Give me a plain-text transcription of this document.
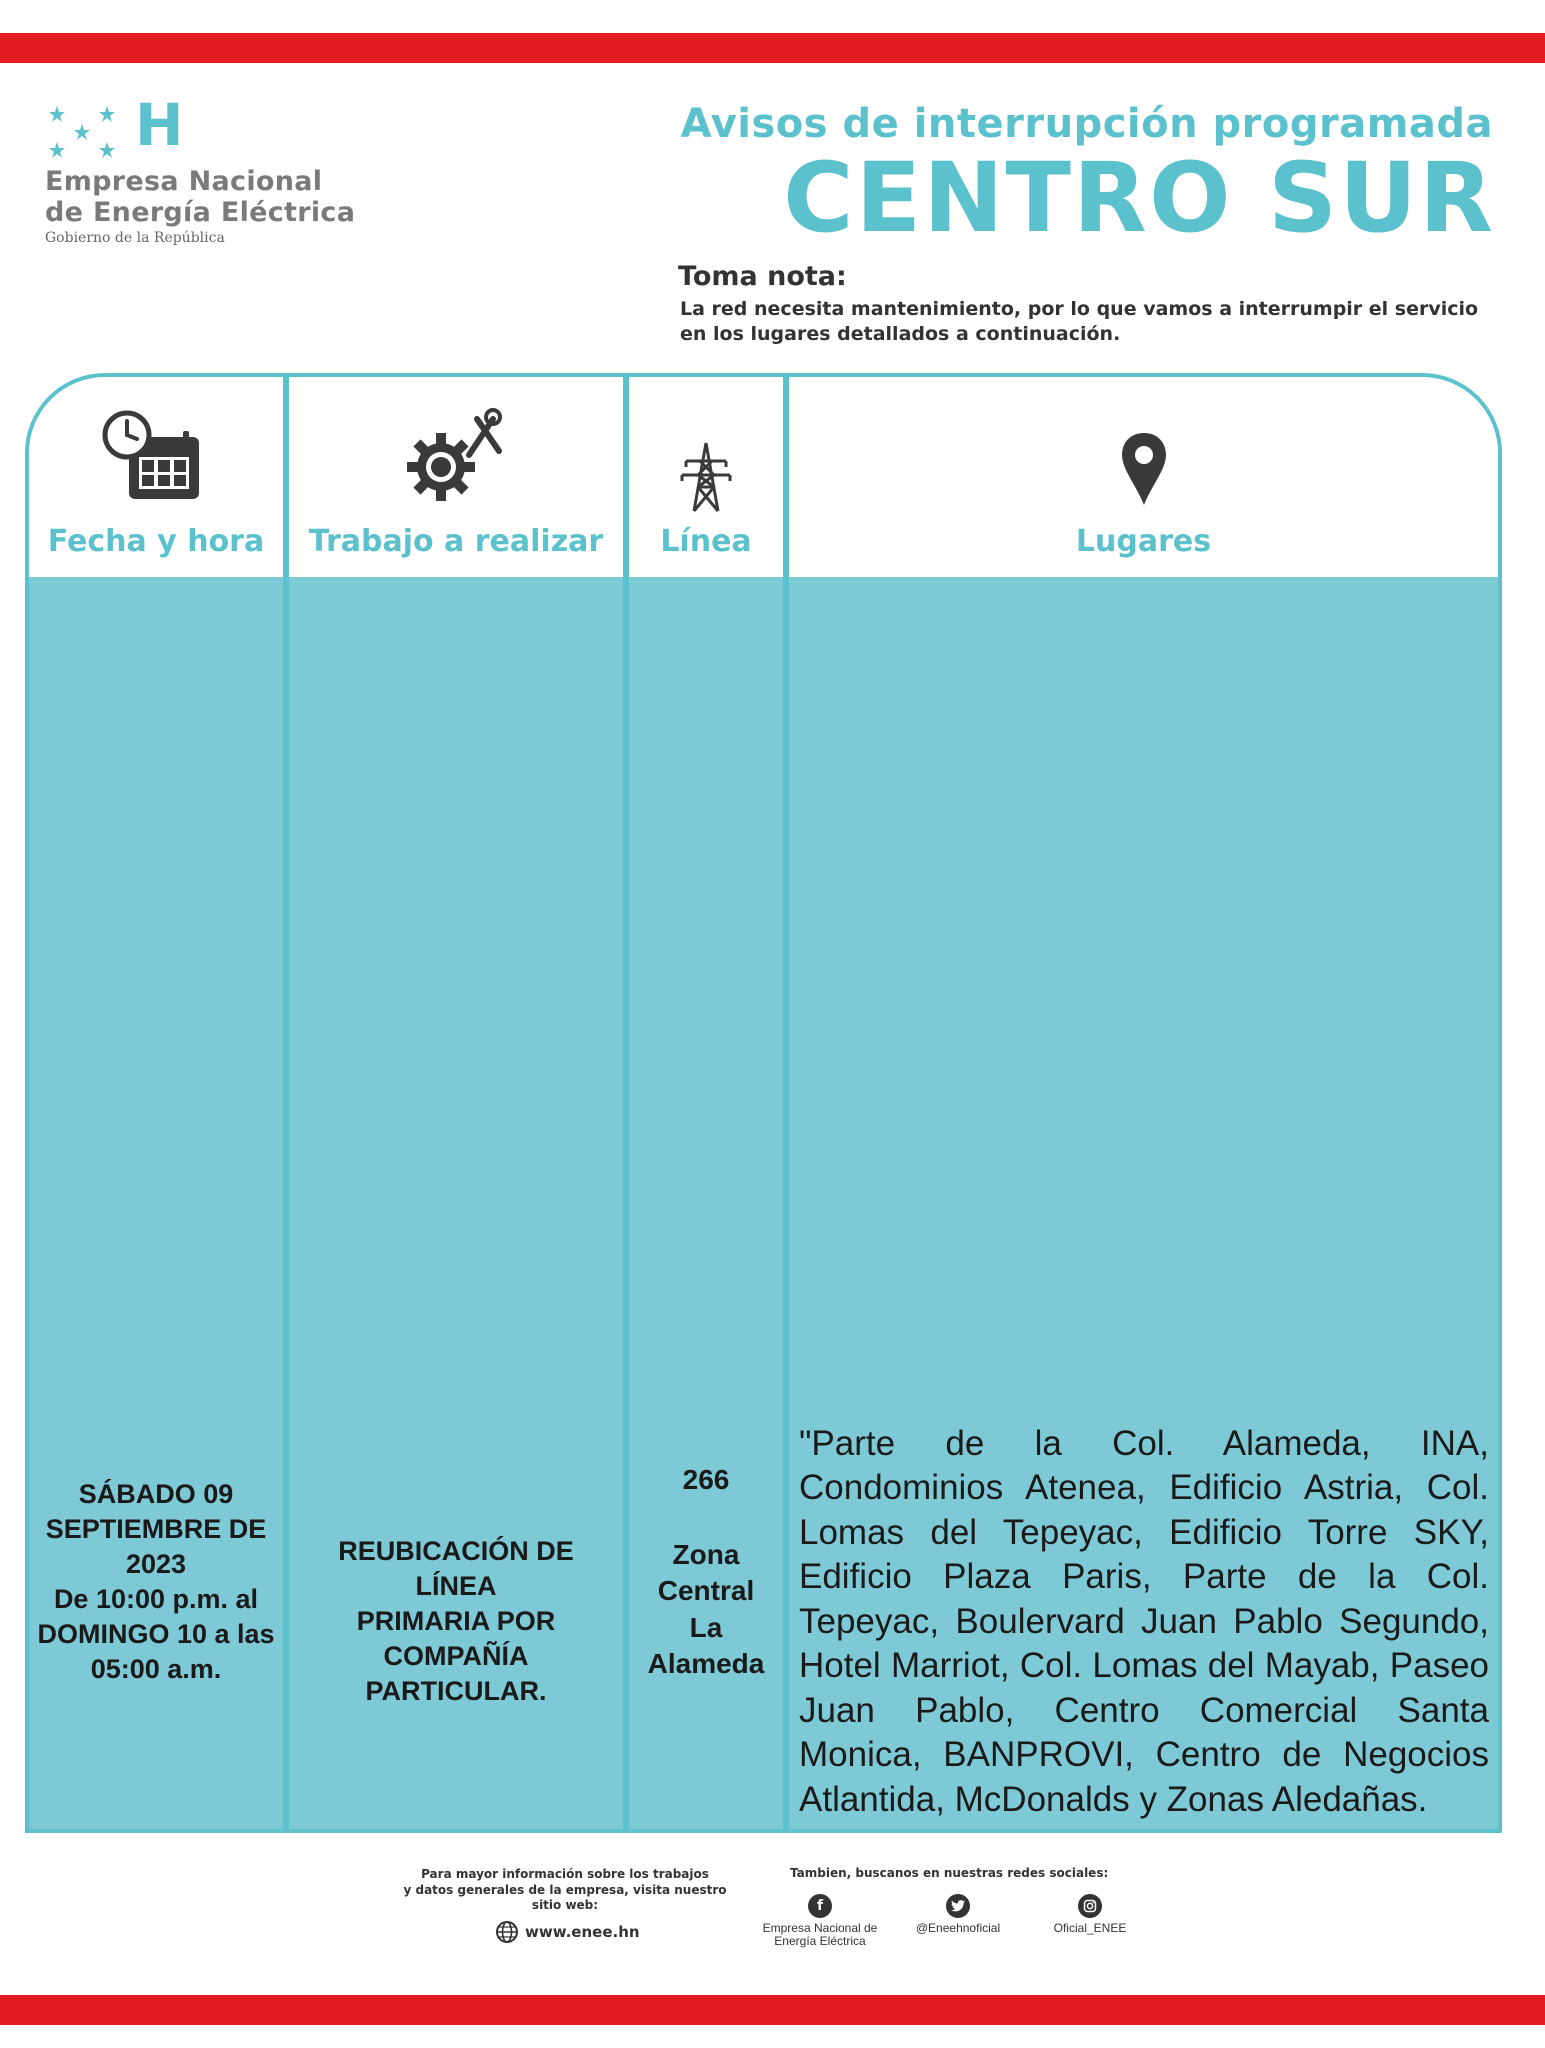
H
Empresa Nacional
de Energía Eléctrica
Gobierno de la República
Avisos de interrupción programada
CENTRO SUR
Toma nota:
La red necesita mantenimiento, por lo que vamos a interrumpir el servicio
en los lugares detallados a continuación.
Fecha y hora
SÁBADO 09
SEPTIEMBRE DE
2023
De 10:00 p.m. al
DOMINGO 10 a las
05:00 a.m.
Trabajo a realizar
REUBICACIÓN DE LÍNEA
PRIMARIA POR
COMPAÑÍA PARTICULAR.
Línea
266
Zona
Central
La
Alameda
Lugares
"Parte de la Col. Alameda, INA, Condominios Atenea, Edificio Astria, Col. Lomas del Tepeyac, Edificio Torre SKY, Edificio Plaza Paris, Parte de la Col. Tepeyac, Boulervard Juan Pablo Segundo, Hotel Marriot, Col. Lomas del Mayab, Paseo Juan Pablo, Centro Comercial Santa Monica, BANPROVI, Centro de Negocios Atlantida, McDonalds y Zonas Aledañas.
Para mayor información sobre los trabajos
y datos generales de la empresa, visita nuestro
sitio web:
www.enee.hn
Tambien, buscanos en nuestras redes sociales:
f
Empresa Nacional de
Energía Eléctrica
@Eneehnoficial	Oficial_ENEE
